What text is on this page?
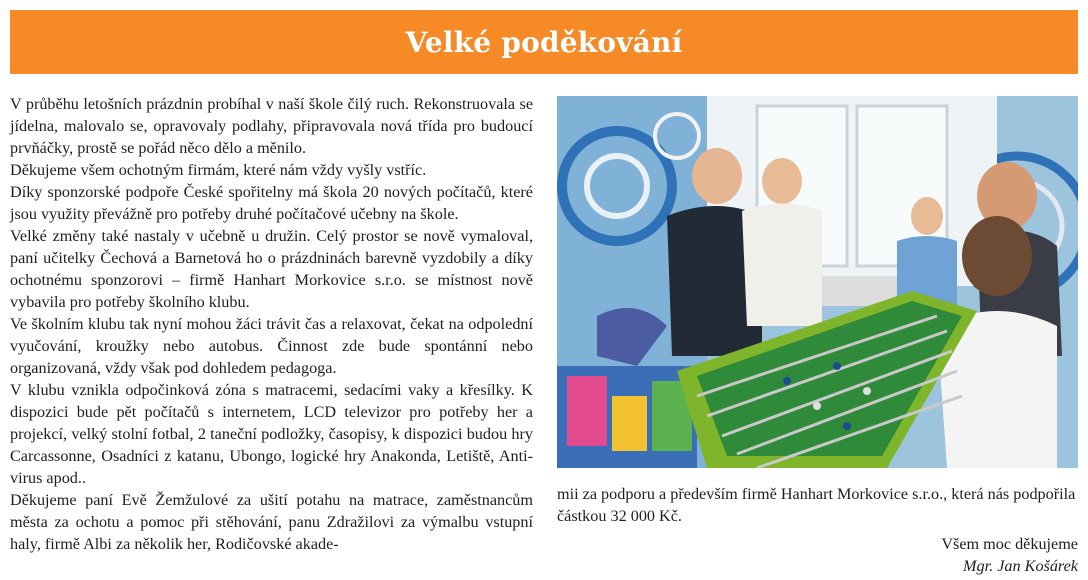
Velké poděkování

V průběhu letošních prázdnin probíhal v naší škole čilý ruch. Rekonstruovala se jídelna, malovalo se, opravovaly podlahy, připravovala nová třída pro budoucí prvňáčky, prostě se pořád něco dělo a měnilo.

Děkujeme všem ochotným firmám, které nám vždy vyšly vstříc.

Díky sponzorské podpoře České spořitelny má škola 20 nových počítačů, které jsou využity převážně pro potřeby druhé počítačové učebny na škole.

Velké změny také nastaly v učebně u družin. Celý prostor se nově vymaloval, paní učitelky Čechová a Barnetová ho o prázdninách barevně vyzdobily a díky ochotnému sponzorovi – firmě Hanhart Morkovice s.r.o. se místnost nově vybavila pro potřeby školního klubu.

Ve školním klubu tak nyní mohou žáci trávit čas a relaxovat, čekat na odpolední vyučování, kroužky nebo autobus. Činnost zde bude spontánní nebo organizovaná, vždy však pod dohledem pedagoga.

V klubu vznikla odpočinková zóna s matracemi, sedacími vaky a křesílky. K dispozici bude pět počítačů s internetem, LCD televizor pro potřeby her a projekcí, velký stolní fotbal, 2 taneční podložky, časopisy, k dispozici budou hry Carcassonne, Osadníci z katanu, Ubongo, logické hry Anakonda, Letiště, Anti-virus apod..

Děkujeme paní Evě Žemžulové za ušití potahu na matrace, zaměstnancům města za ochotu a pomoc při stěhování, panu Zdražilovi za výmalbu vstupní haly, firmě Albi za několik her, Rodičovské akade-

mii za podporu a především firmě Hanhart Morkovice s.r.o., která nás podpořila částkou 32 000 Kč.

Všem moc děkujeme

Mgr. Jan Košárek
